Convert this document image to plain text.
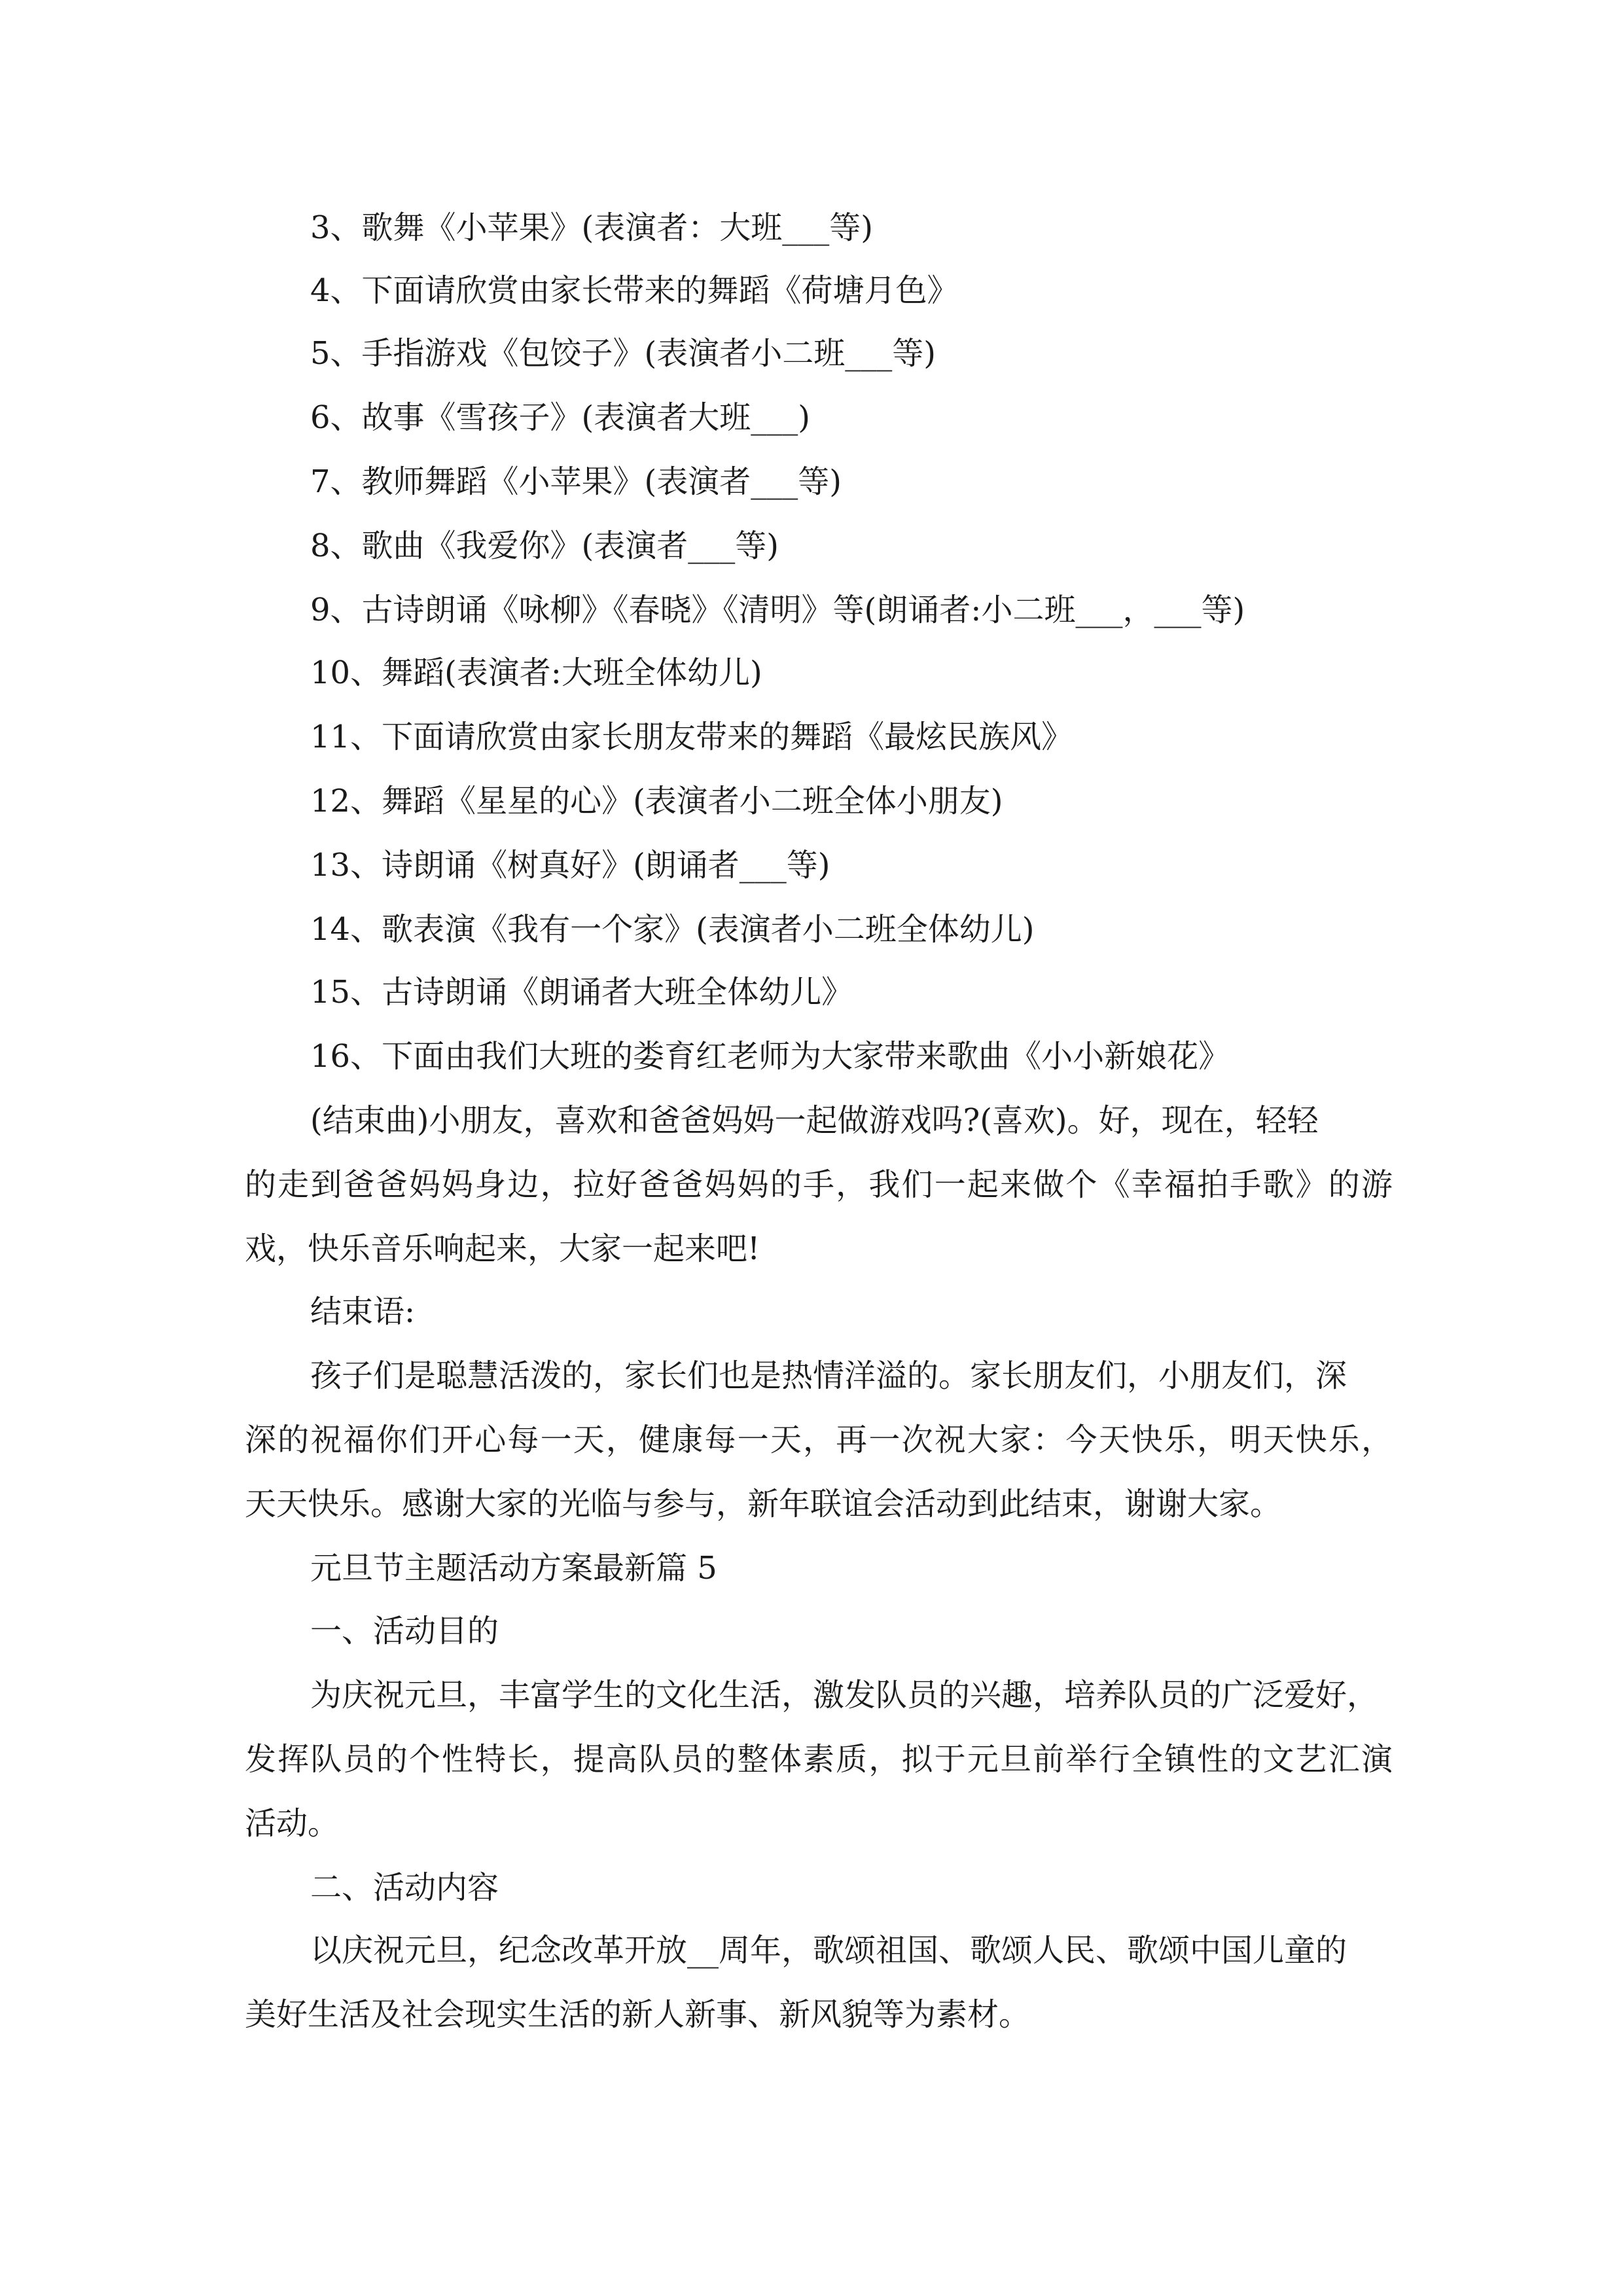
3、歌舞《小苹果》(表演者：大班___等)
4、下面请欣赏由家长带来的舞蹈《荷塘月色》
5、手指游戏《包饺子》(表演者小二班___等)
6、故事《雪孩子》(表演者大班___)
7、教师舞蹈《小苹果》(表演者___等)
8、歌曲《我爱你》(表演者___等)
9、古诗朗诵《咏柳》《春晓》《清明》等(朗诵者:小二班___，___等)
10、舞蹈(表演者:大班全体幼儿)
11、下面请欣赏由家长朋友带来的舞蹈《最炫民族风》
12、舞蹈《星星的心》(表演者小二班全体小朋友)
13、诗朗诵《树真好》(朗诵者___等)
14、歌表演《我有一个家》(表演者小二班全体幼儿)
15、古诗朗诵《朗诵者大班全体幼儿》
16、下面由我们大班的娄育红老师为大家带来歌曲《小小新娘花》
(结束曲)小朋友，喜欢和爸爸妈妈一起做游戏吗?(喜欢)。好，现在，轻轻
的走到爸爸妈妈身边，拉好爸爸妈妈的手，我们一起来做个《幸福拍手歌》的游
戏，快乐音乐响起来，大家一起来吧!
结束语:
孩子们是聪慧活泼的，家长们也是热情洋溢的。家长朋友们，小朋友们，深
深的祝福你们开心每一天，健康每一天，再一次祝大家：今天快乐，明天快乐，
天天快乐。感谢大家的光临与参与，新年联谊会活动到此结束，谢谢大家。
元旦节主题活动方案最新篇 5
一、活动目的
为庆祝元旦，丰富学生的文化生活，激发队员的兴趣，培养队员的广泛爱好，
发挥队员的个性特长，提高队员的整体素质，拟于元旦前举行全镇性的文艺汇演
活动。
二、活动内容
以庆祝元旦，纪念改革开放__周年，歌颂祖国、歌颂人民、歌颂中国儿童的
美好生活及社会现实生活的新人新事、新风貌等为素材。
